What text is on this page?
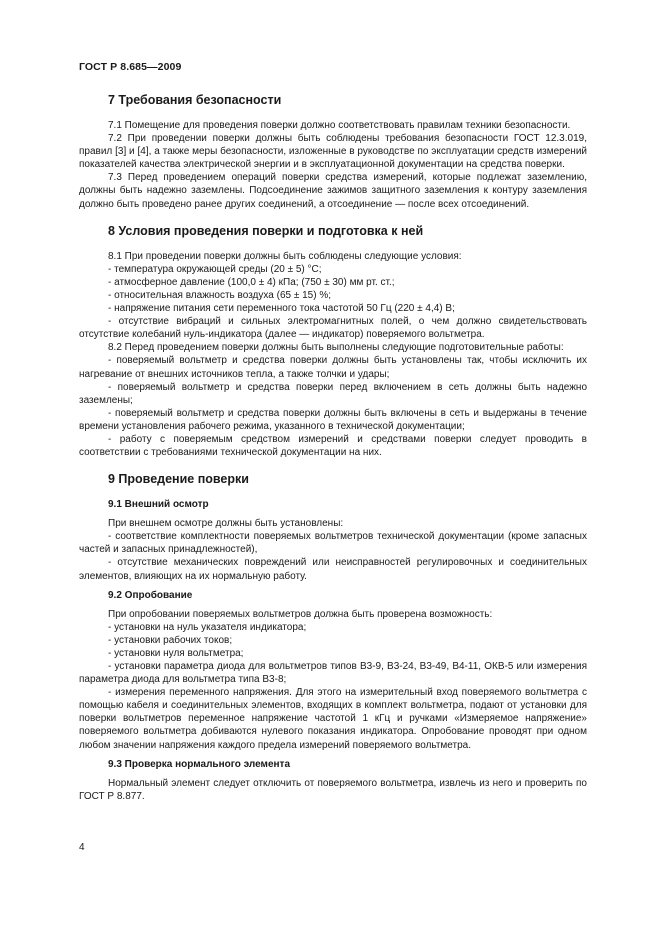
ГОСТ Р 8.685—2009
7 Требования безопасности

7.1 Помещение для проведения поверки должно соответствовать правилам техники безопасности.

7.2 При проведении поверки должны быть соблюдены требования безопасности ГОСТ 12.3.019, правил [3] и [4], а также меры безопасности, изложенные в руководстве по эксплуатации средств измерений показателей качества электрической энергии и в эксплуатационной документации на средства поверки.

7.3 Перед проведением операций поверки средства измерений, которые подлежат заземлению, должны быть надежно заземлены. Подсоединение зажимов защитного заземления к контуру заземления должно быть проведено ранее других соединений, а отсоединение — после всех отсоединений.

8 Условия проведения поверки и подготовка к ней

8.1 При проведении поверки должны быть соблюдены следующие условия:

- температура окружающей среды (20 ± 5) °С;

- атмосферное давление (100,0 ± 4) кПа; (750 ± 30) мм рт. ст.;

- относительная влажность воздуха (65 ± 15) %;

- напряжение питания сети переменного тока частотой 50 Гц (220 ± 4,4) В;

- отсутствие вибраций и сильных электромагнитных полей, о чем должно свидетельствовать отсутствие колебаний нуль-индикатора (далее — индикатор) поверяемого вольтметра.

8.2 Перед проведением поверки должны быть выполнены следующие подготовительные работы:

- поверяемый вольтметр и средства поверки должны быть установлены так, чтобы исключить их нагревание от внешних источников тепла, а также толчки и удары;

- поверяемый вольтметр и средства поверки перед включением в сеть должны быть надежно заземлены;

- поверяемый вольтметр и средства поверки должны быть включены в сеть и выдержаны в течение времени установления рабочего режима, указанного в технической документации;

- работу с поверяемым средством измерений и средствами поверки следует проводить в соответствии с требованиями технической документации на них.

9 Проведение поверки
9.1 Внешний осмотр

При внешнем осмотре должны быть установлены:

- соответствие комплектности поверяемых вольтметров технической документации (кроме запасных частей и запасных принадлежностей),

- отсутствие механических повреждений или неисправностей регулировочных и соединительных элементов, влияющих на их нормальную работу.

9.2 Опробование

При опробовании поверяемых вольтметров должна быть проверена возможность:

- установки на нуль указателя индикатора;

- установки рабочих токов;

- установки нуля вольтметра;

- установки параметра диода для вольтметров типов В3-9, В3-24, В3-49, В4-11, ОКВ-5 или измерения параметра диода для вольтметра типа В3-8;

- измерения переменного напряжения. Для этого на измерительный вход поверяемого вольтметра с помощью кабеля и соединительных элементов, входящих в комплект вольтметра, подают от установки для поверки вольтметров переменное напряжение частотой 1 кГц и ручками «Измеряемое напряжение» поверяемого вольтметра добиваются нулевого показания индикатора. Опробование проводят при одном любом значении напряжения каждого предела измерений поверяемого вольтметра.

9.3 Проверка нормального элемента

Нормальный элемент следует отключить от поверяемого вольтметра, извлечь из него и проверить по ГОСТ Р 8.877.

4
